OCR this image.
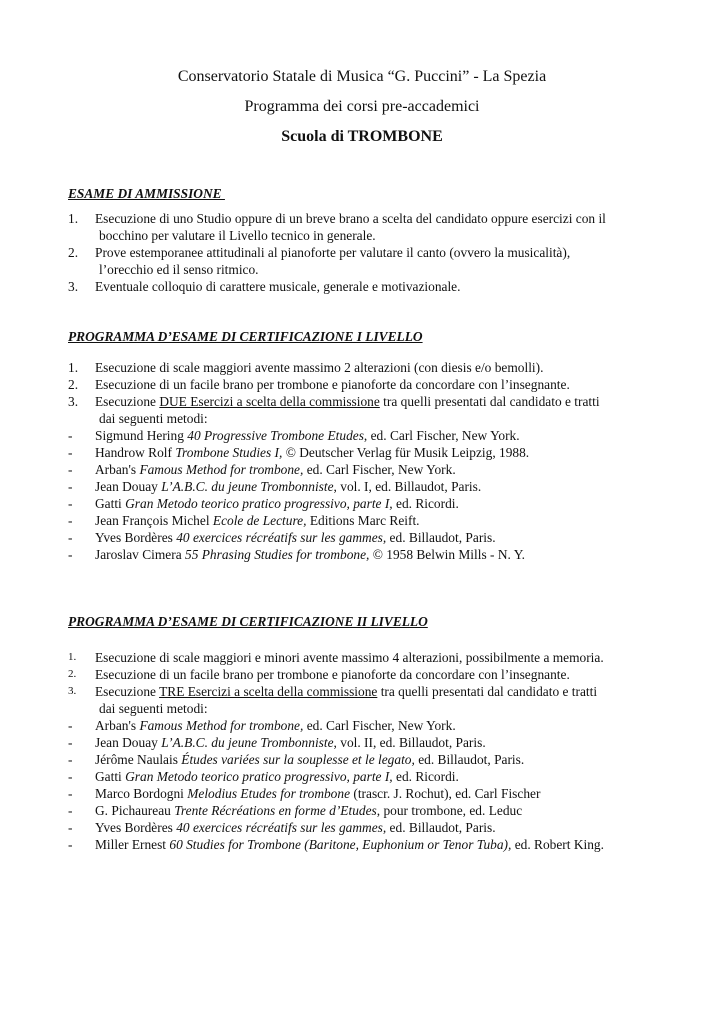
Conservatorio Statale di Musica “G. Puccini” - La Spezia
Programma dei corsi pre-accademici
Scuola di TROMBONE
ESAME DI AMMISSIONE
1.	Esecuzione di uno Studio oppure di un breve brano a scelta del candidato oppure esercizi con il
bocchino per valutare il Livello tecnico in generale.
2.	Prove estemporanee attitudinali al pianoforte per valutare il canto (ovvero la musicalità),
l’orecchio ed il senso ritmico.
3.	Eventuale colloquio di carattere musicale, generale e motivazionale.
PROGRAMMA D’ESAME DI CERTIFICAZIONE I LIVELLO
1.	Esecuzione di scale maggiori avente massimo 2 alterazioni (con diesis e/o bemolli).
2.	Esecuzione di un facile brano per trombone e pianoforte da concordare con l’insegnante.
3.	Esecuzione DUE Esercizi a scelta della commissione tra quelli presentati dal candidato e tratti
dai seguenti metodi:
-	Sigmund Hering 40 Progressive Trombone Etudes, ed. Carl Fischer, New York.
-	Handrow Rolf Trombone Studies I, © Deutscher Verlag für Musik Leipzig, 1988.
-	Arban's Famous Method for trombone, ed. Carl Fischer, New York.
-	Jean Douay L’A.B.C. du jeune Trombonniste, vol. I, ed. Billaudot, Paris.
-	Gatti Gran Metodo teorico pratico progressivo, parte I, ed. Ricordi.
-	Jean François Michel Ecole de Lecture, Editions Marc Reift.
-	Yves Bordères 40 exercices récréatifs sur les gammes, ed. Billaudot, Paris.
-	Jaroslav Cimera 55 Phrasing Studies for trombone, © 1958 Belwin Mills - N. Y.
PROGRAMMA D’ESAME DI CERTIFICAZIONE II LIVELLO
1.	Esecuzione di scale maggiori e minori avente massimo 4 alterazioni, possibilmente a memoria.
2.	Esecuzione di un facile brano per trombone e pianoforte da concordare con l’insegnante.
3.	Esecuzione TRE Esercizi a scelta della commissione tra quelli presentati dal candidato e tratti
dai seguenti metodi:
-	Arban's Famous Method for trombone, ed. Carl Fischer, New York.
-	Jean Douay L’A.B.C. du jeune Trombonniste, vol. II, ed. Billaudot, Paris.
-	Jérôme Naulais Études variées sur la souplesse et le legato, ed. Billaudot, Paris.
-	Gatti Gran Metodo teorico pratico progressivo, parte I, ed. Ricordi.
-	Marco Bordogni Melodius Etudes for trombone (trascr. J. Rochut), ed. Carl Fischer
-	G. Pichaureau Trente Récréations en forme d’Etudes, pour trombone, ed. Leduc
-	Yves Bordères 40 exercices récréatifs sur les gammes, ed. Billaudot, Paris.
-	Miller Ernest 60 Studies for Trombone (Baritone, Euphonium or Tenor Tuba), ed. Robert King.
